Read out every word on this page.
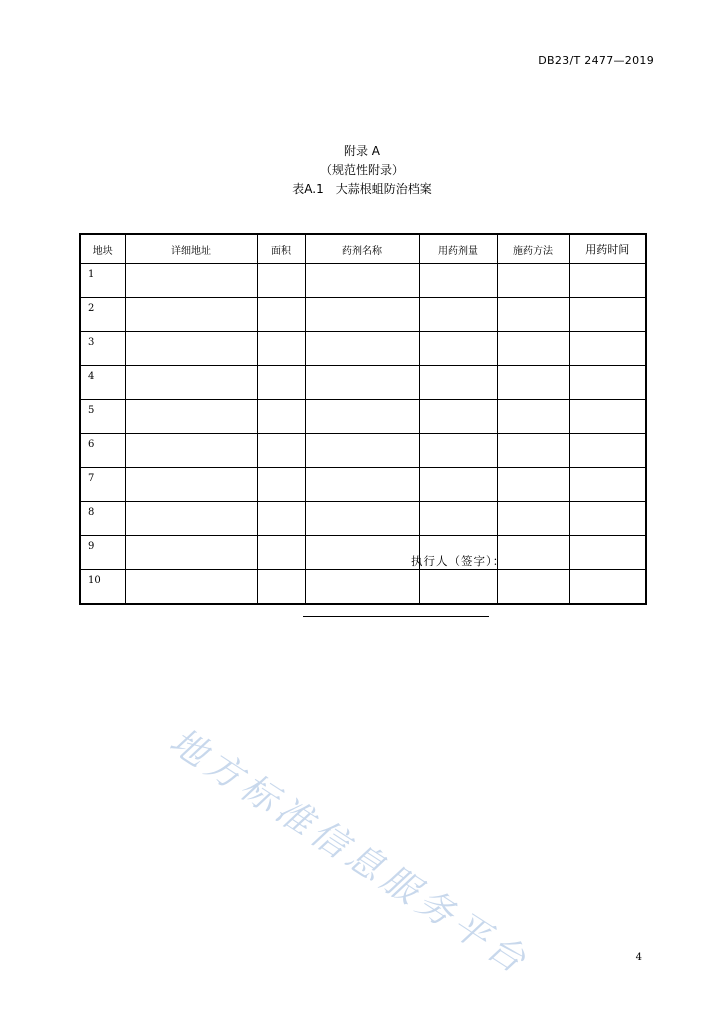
DB23/T 2477—2019
附录 A
（规范性附录）
表A.1　大蒜根蛆防治档案
地块	详细地址	面积	药剂名称	用药剂量	施药方法	用药时间
1						
2						
3						
4						
5						
6						
7						
8						
9						
10						
执行人（签字）：
地方标准信息服务平台	4
